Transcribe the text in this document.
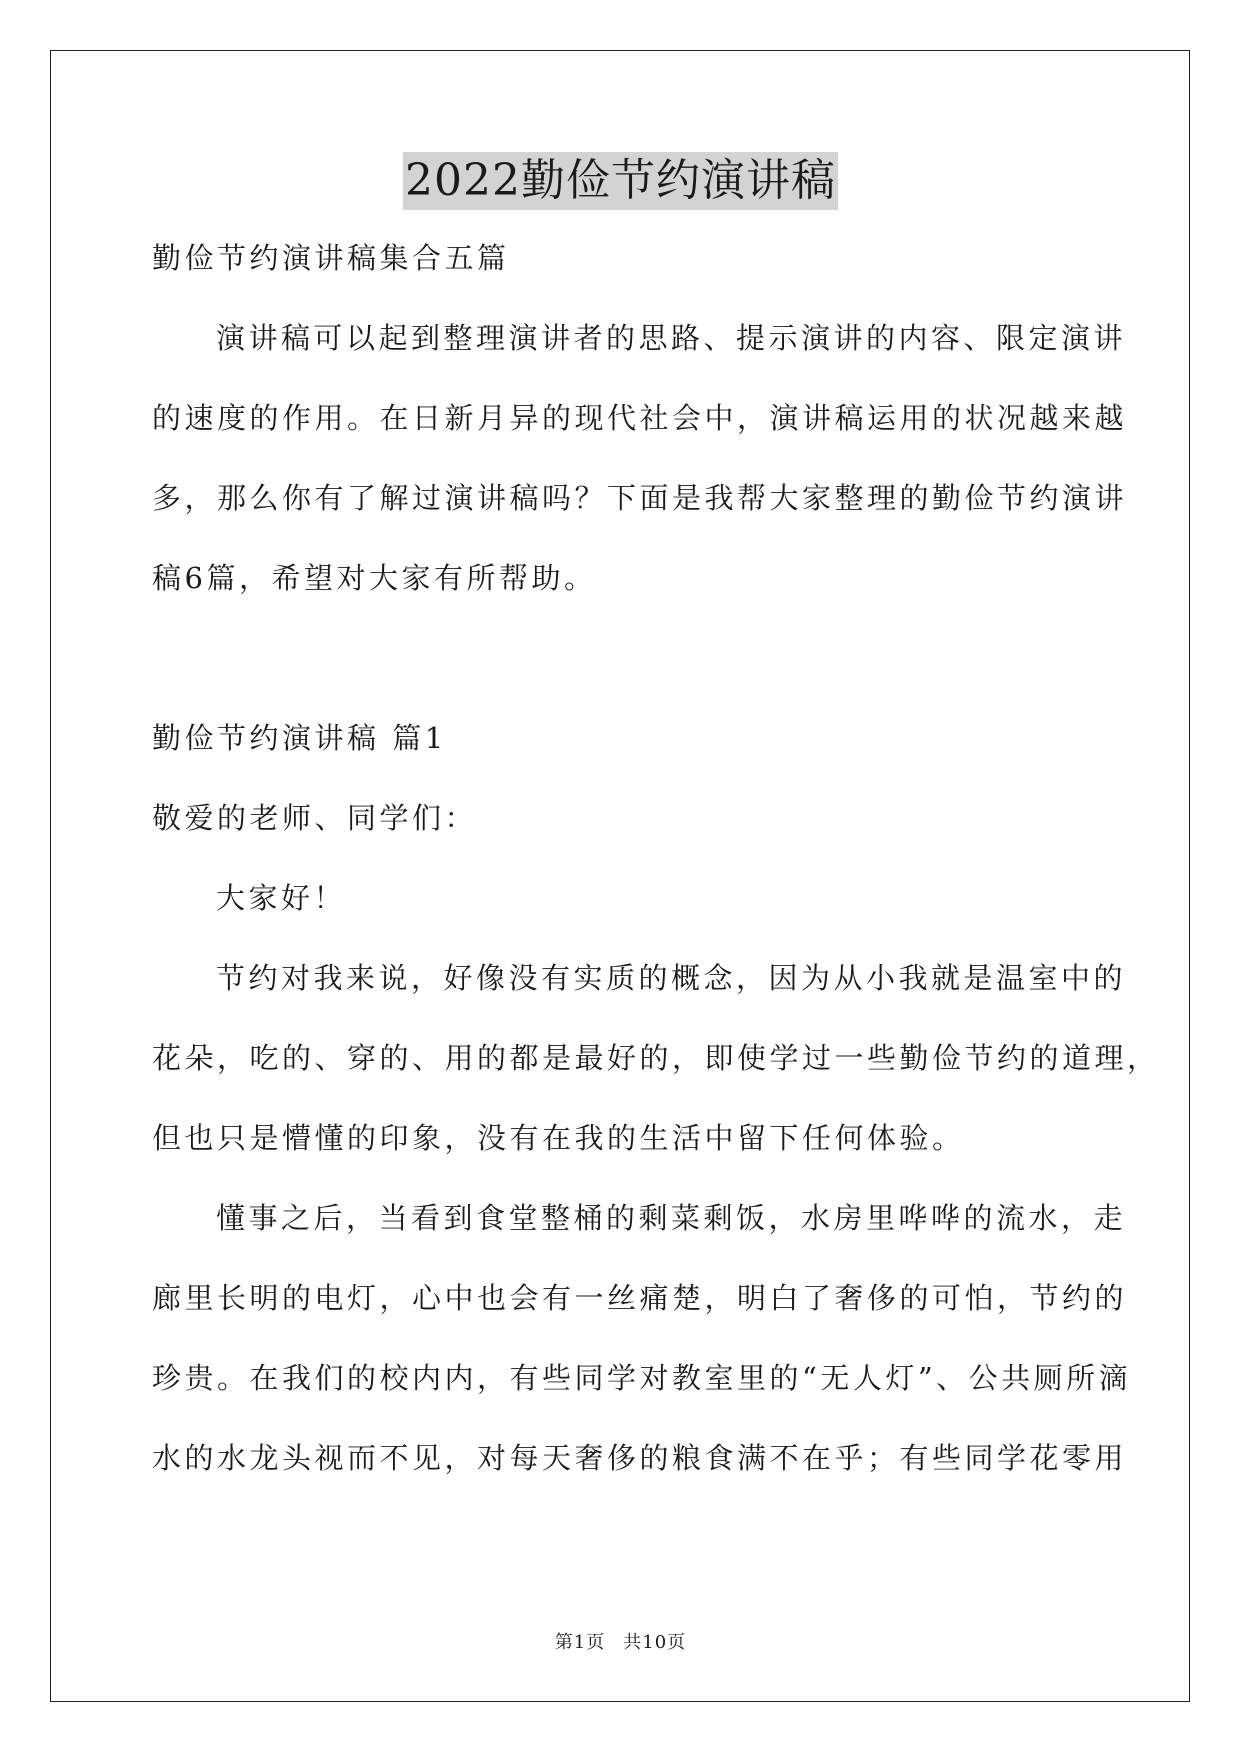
2022勤俭节约演讲稿
勤俭节约演讲稿集合五篇
演讲稿可以起到整理演讲者的思路、提示演讲的内容、限定演讲
的速度的作用。在日新月异的现代社会中，演讲稿运用的状况越来越
多，那么你有了解过演讲稿吗？下面是我帮大家整理的勤俭节约演讲
稿6篇，希望对大家有所帮助。
勤俭节约演讲稿 篇1
敬爱的老师、同学们：
大家好！
节约对我来说，好像没有实质的概念，因为从小我就是温室中的
花朵，吃的、穿的、用的都是最好的，即使学过一些勤俭节约的道理，
但也只是懵懂的印象，没有在我的生活中留下任何体验。
懂事之后，当看到食堂整桶的剩菜剩饭，水房里哗哗的流水，走
廊里长明的电灯，心中也会有一丝痛楚，明白了奢侈的可怕，节约的
珍贵。在我们的校内内，有些同学对教室里的“无人灯”、公共厕所滴
水的水龙头视而不见，对每天奢侈的粮食满不在乎；有些同学花零用
第1页 共10页
